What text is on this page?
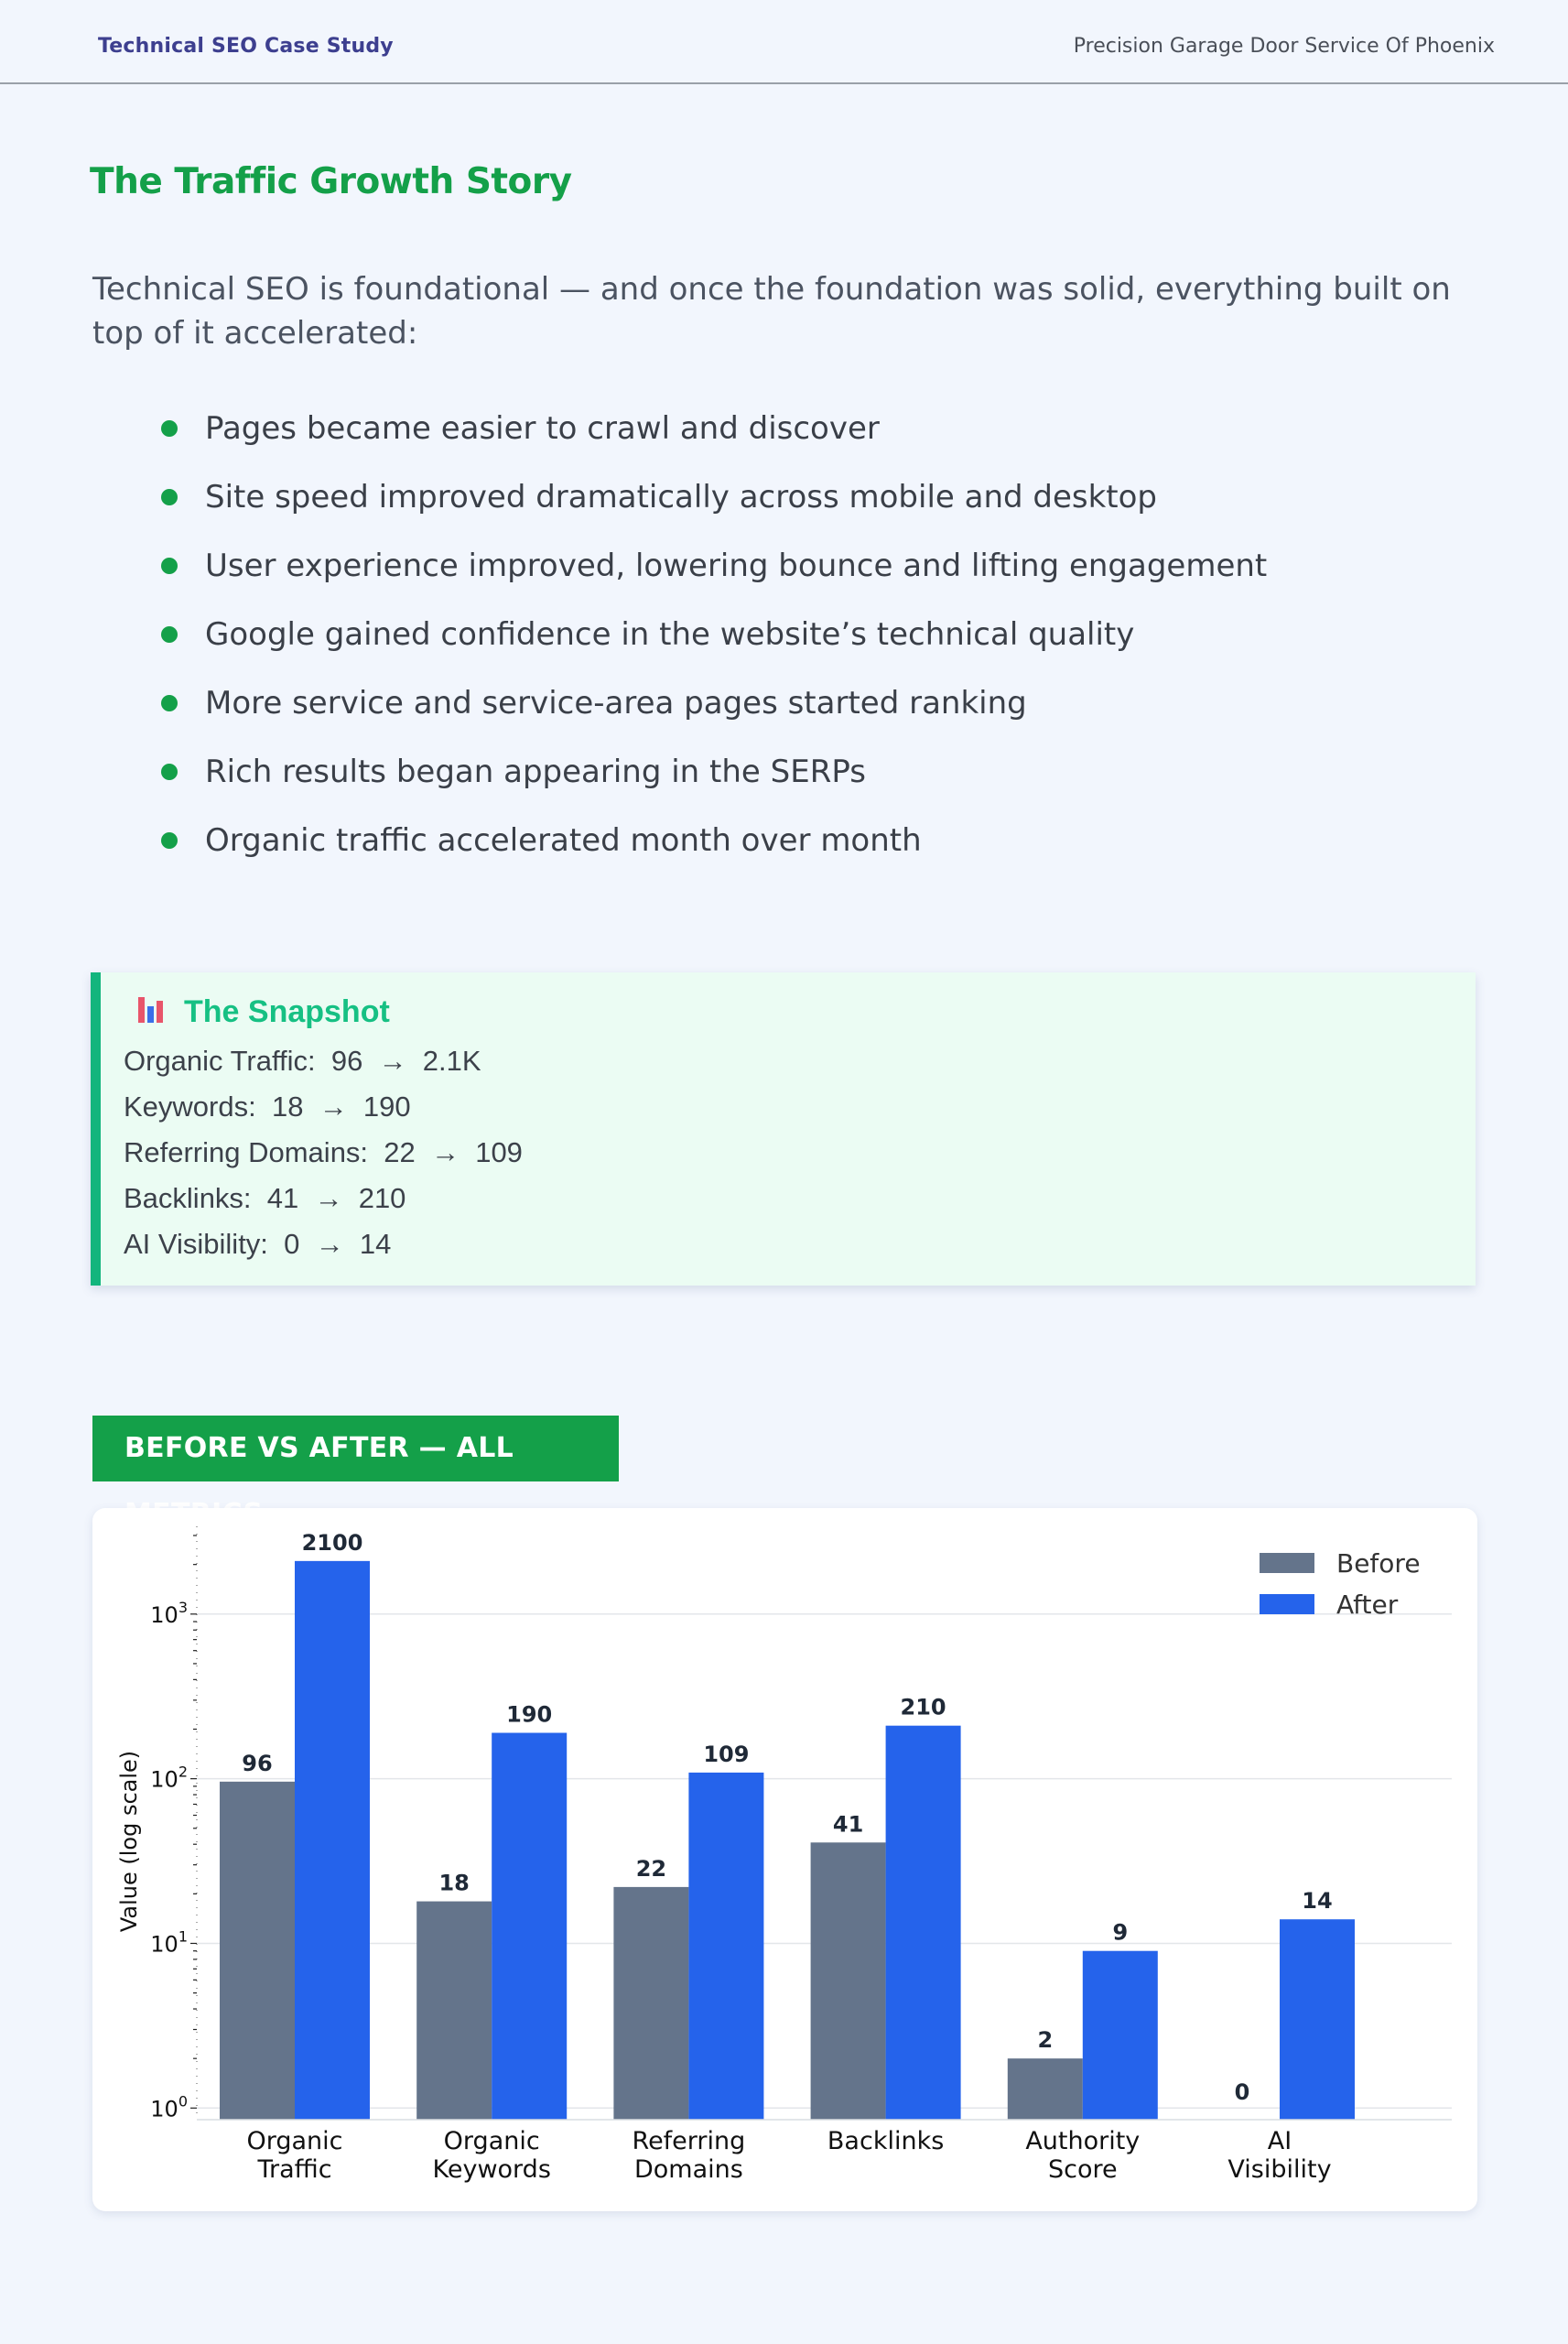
Technical SEO Case Study	Precision Garage Door Service Of Phoenix
The Traffic Growth Story
Technical SEO is foundational — and once the foundation was solid, everything built on top of it accelerated:
Pages became easier to crawl and discover
Site speed improved dramatically across mobile and desktop
User experience improved, lowering bounce and lifting engagement
Google gained confidence in the website’s technical quality
More service and service-area pages started ranking
Rich results began appearing in the SERPs
Organic traffic accelerated month over month
The Snapshot
Organic Traffic:  96  →  2.1K
Keywords:  18  →  190
Referring Domains:  22  →  109
Backlinks:  41  →  210
AI Visibility:  0  →  14
BEFORE VS AFTER — ALL
$10^0$
$10^1$
$10^2$
$10^3$
Value (log scale)	96
2100
Organic
Traffic
18
190
Organic
Keywords
22
109
Referring
Domains
41
210
Backlinks
2
9
Authority
Score
0
14
AI
Visibility
Before
After
